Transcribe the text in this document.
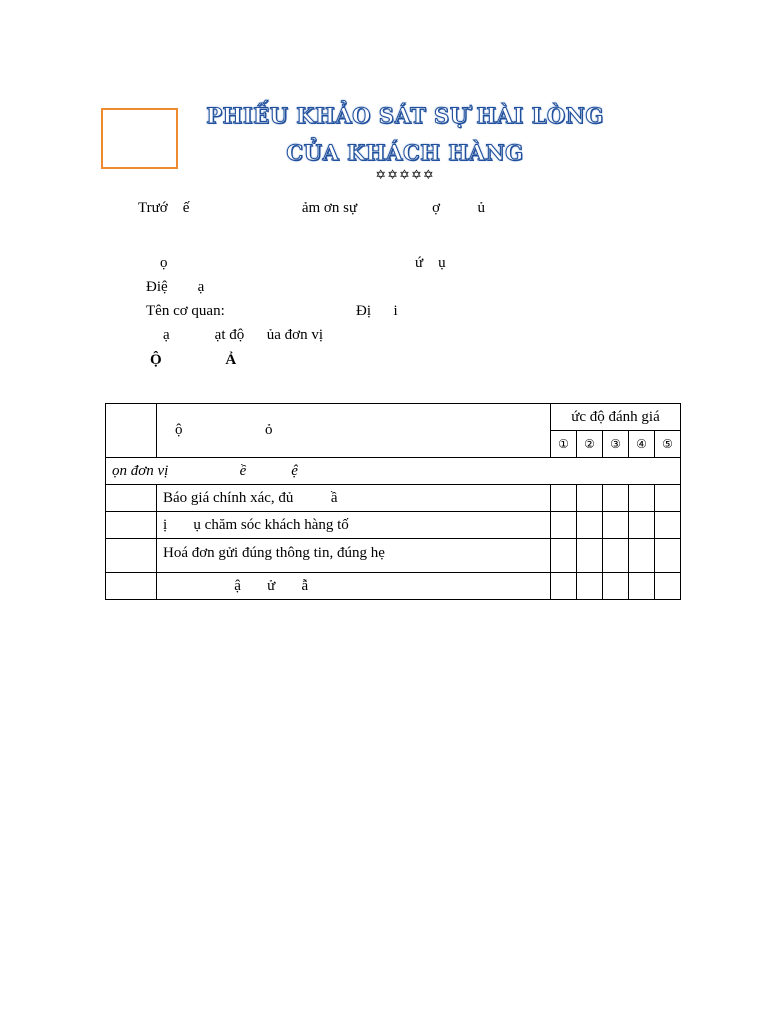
PHIẾU KHẢO SÁT SỰ HÀI LÒNG
CỦA KHÁCH HÀNG
✡✡✡✡✡
Trướ    ế                              ảm ơn sự                    ợ          ủ
ọ                                                                  ứ    ụ
Điệ        ạ
Tên cơ quan:                                   Đị      i
ạ            ạt độ      ủa đơn vị
Ộ                 Ả
	ộ                      ỏ	ức độ đánh giá				
		①	②	③	④	⑤
ọn đơn vị                   ề            ệ						
	Báo giá chính xác, đủ          ầ					
	ị       ụ chăm sóc khách hàng tố					
	Hoá đơn gửi đúng thông tin, đúng hẹ					
	ậ       ử       ẫ					
